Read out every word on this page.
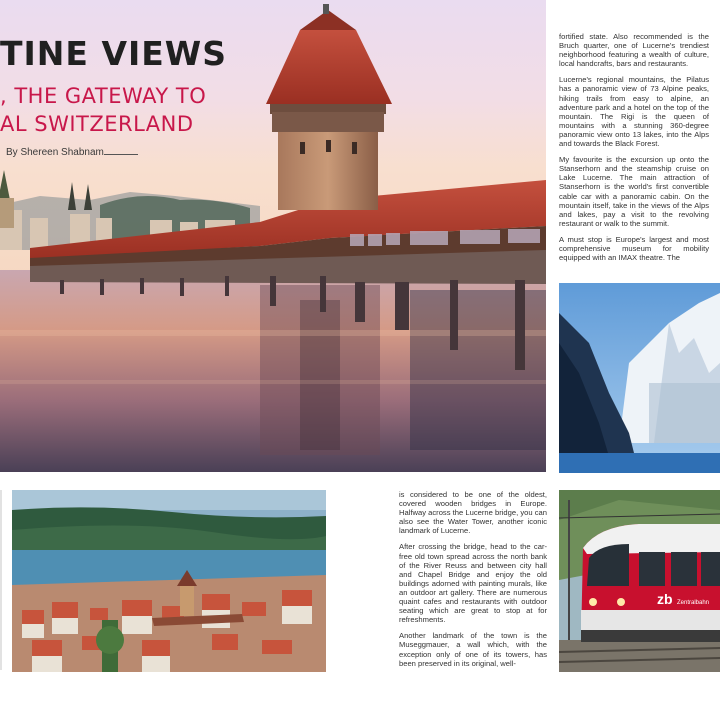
TINE VIEWS

, THE GATEWAY TO

AL SWITZERLAND

By Shereen Shabnam

fortified state. Also recommended is the Bruch quarter, one of Lucerne's trendiest neighborhood featuring a wealth of culture, local handcrafts, bars and restaurants.

Lucerne's regional mountains, the Pilatus has a panoramic view of 73 Alpine peaks, hiking trails from easy to alpine, an adventure park and a hotel on the top of the mountain. The Rigi is the queen of mountains with a stunning 360-degree panoramic view onto 13 lakes, into the Alps and towards the Black Forest.

My favourite is the excursion up onto the Stanserhorn and the steamship cruise on Lake Lucerne. The main attraction of Stanserhorn is the world's first convertible cable car with a panoramic cabin. On the mountain itself, take in the views of the Alps and lakes, pay a visit to the revolving restaurant or walk to the summit.

A must stop is Europe's largest and most comprehensive museum for mobility equipped with an IMAX theatre. The

is considered to be one of the oldest, covered wooden bridges in Europe. Halfway across the Lucerne bridge, you can also see the Water Tower, another iconic landmark of Lucerne.

After crossing the bridge, head to the car-free old town spread across the north bank of the River Reuss and between city hall and Chapel Bridge and enjoy the old buildings adorned with painting murals, like an outdoor art gallery. There are numerous quaint cafes and restaurants with outdoor seating which are great to stop at for refreshments.

Another landmark of the town is the Museggmauer, a wall which, with the exception only of one of its towers, has been preserved in its original, well-

zb Zentralbahn
